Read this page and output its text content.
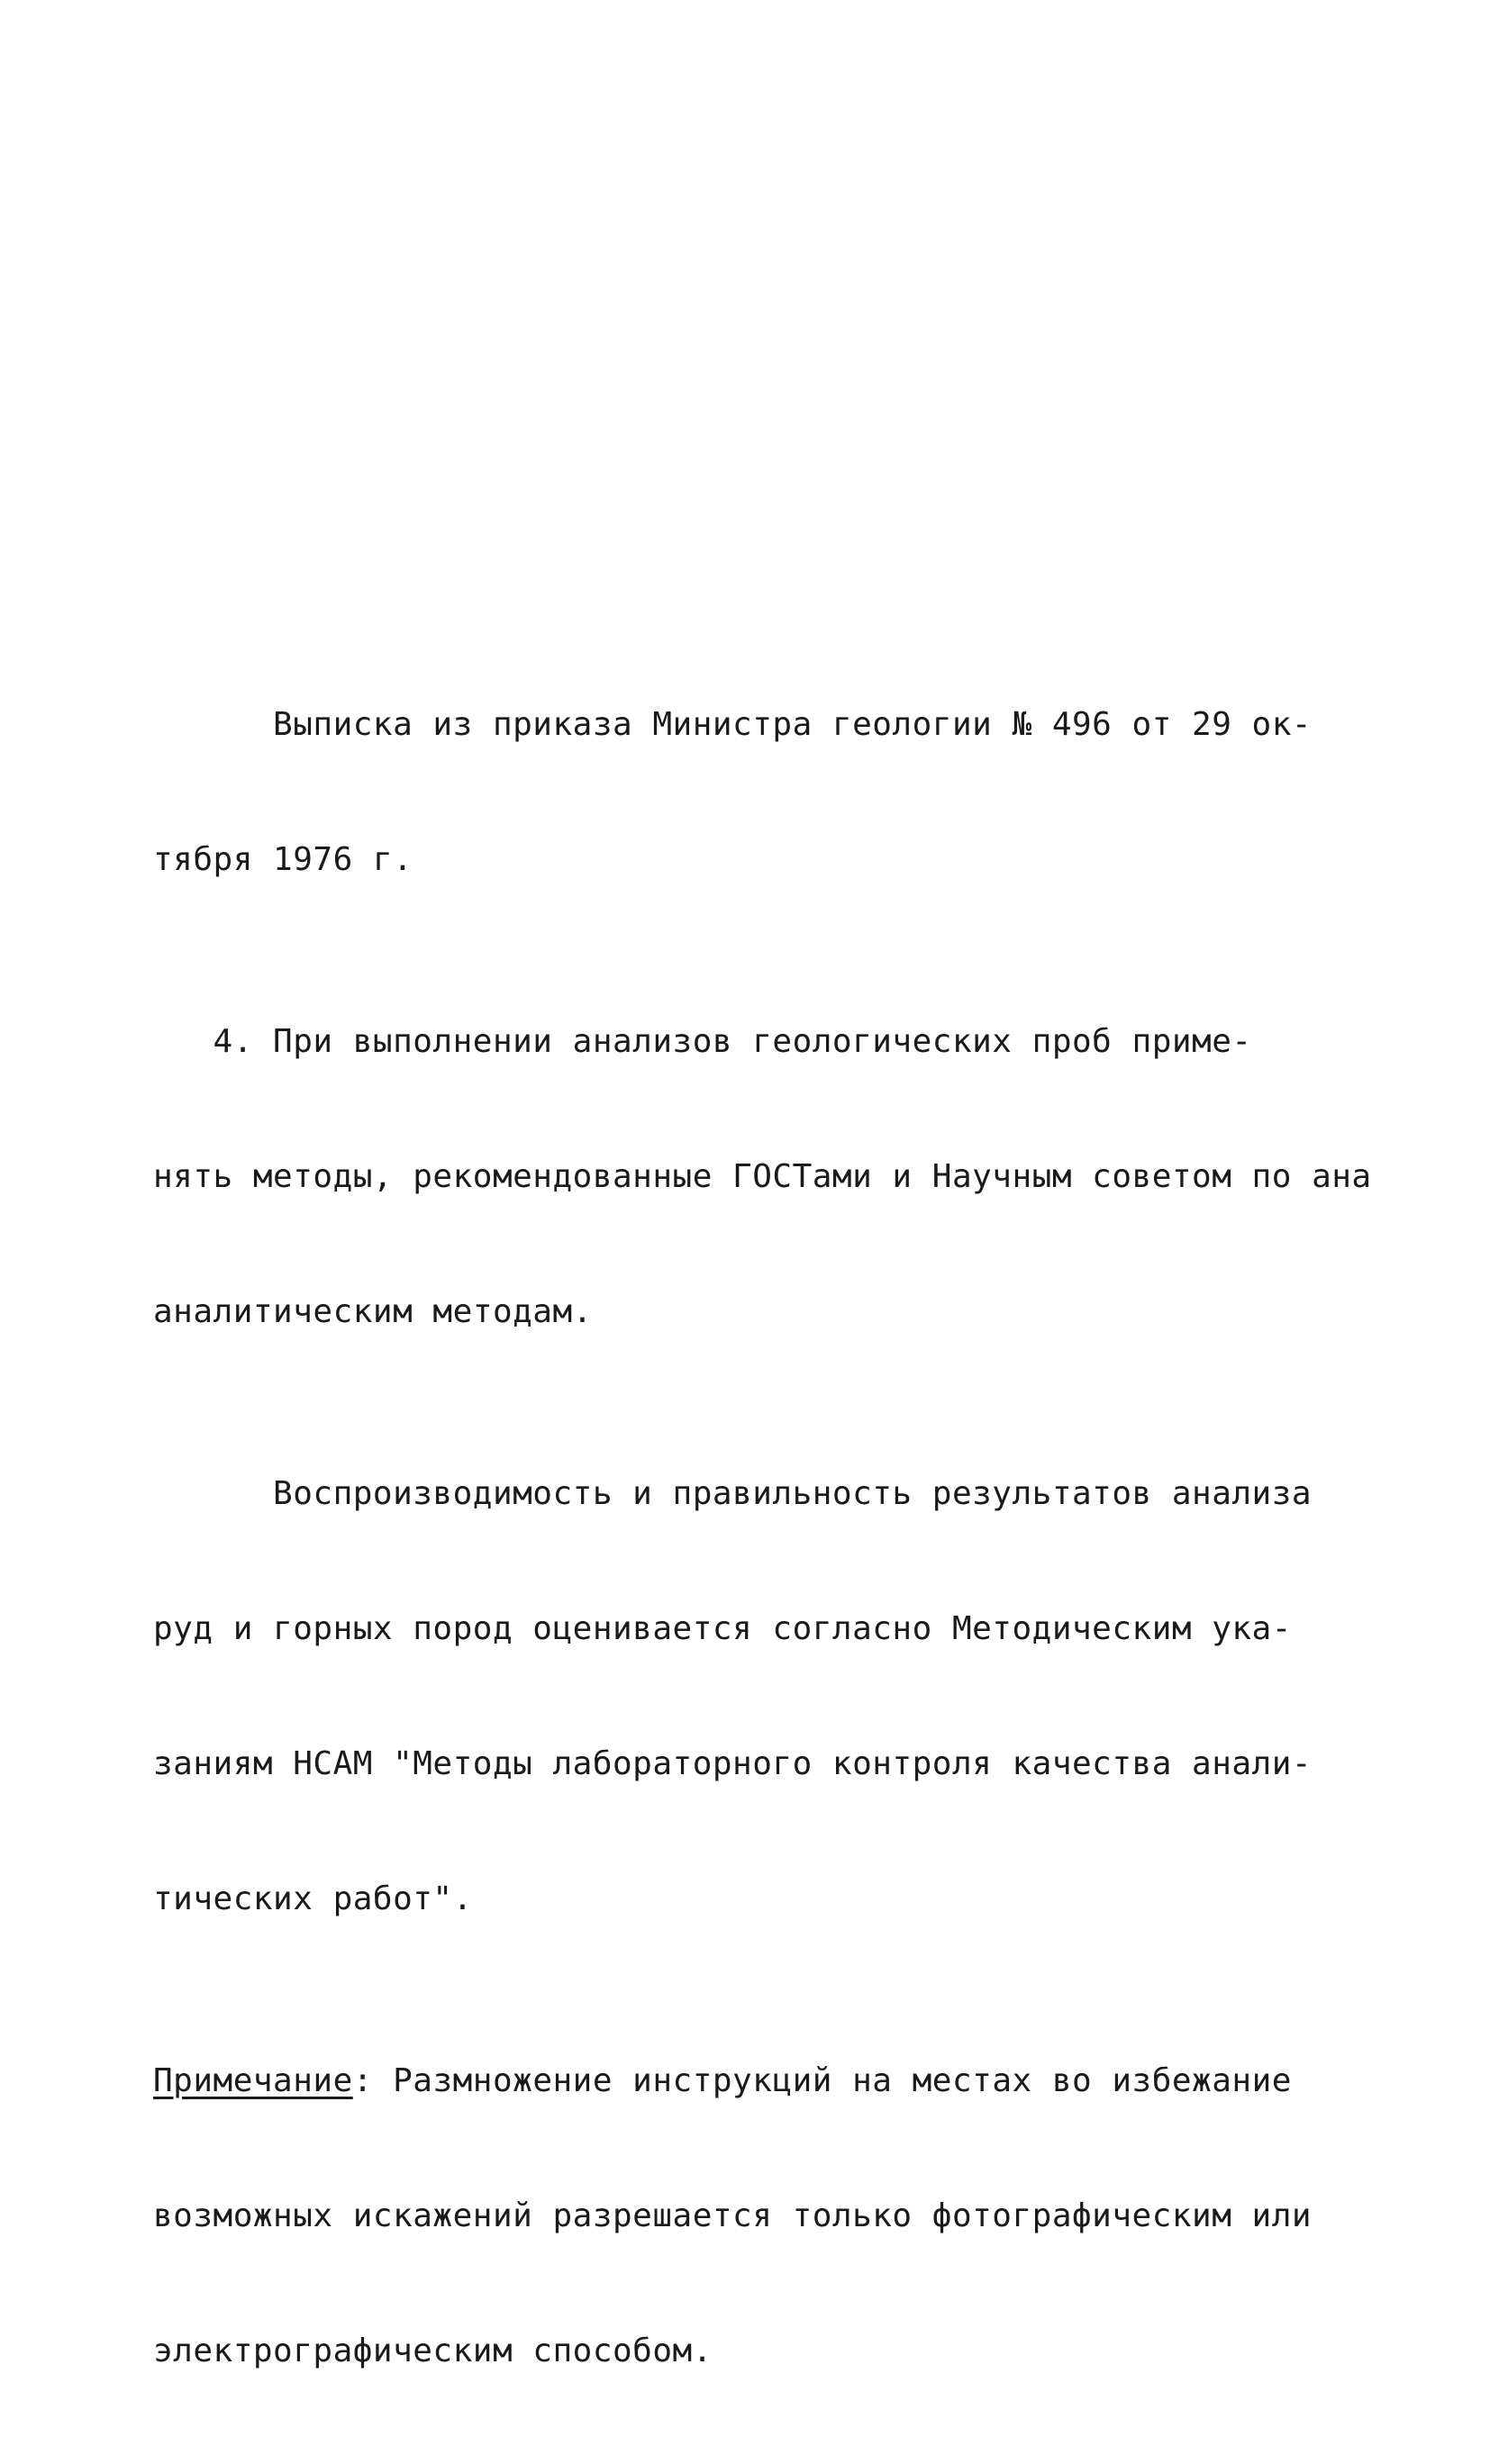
Выписка из приказа Министра геологии № 496 от 29 ок-

тября 1976 г.

4. При выполнении анализов геологических проб приме-

нять методы, рекомендованные ГОСТами и Научным советом по ана

аналитическим методам.

Воспроизводимость и правильность результатов анализа

руд и горных пород оценивается согласно Методическим ука-

заниям НСАМ "Методы лабораторного контроля качества анали-

тических работ".

Примечание: Размножение инструкций на местах во избежание

возможных искажений разрешается только фотографическим или

электрографическим способом.
